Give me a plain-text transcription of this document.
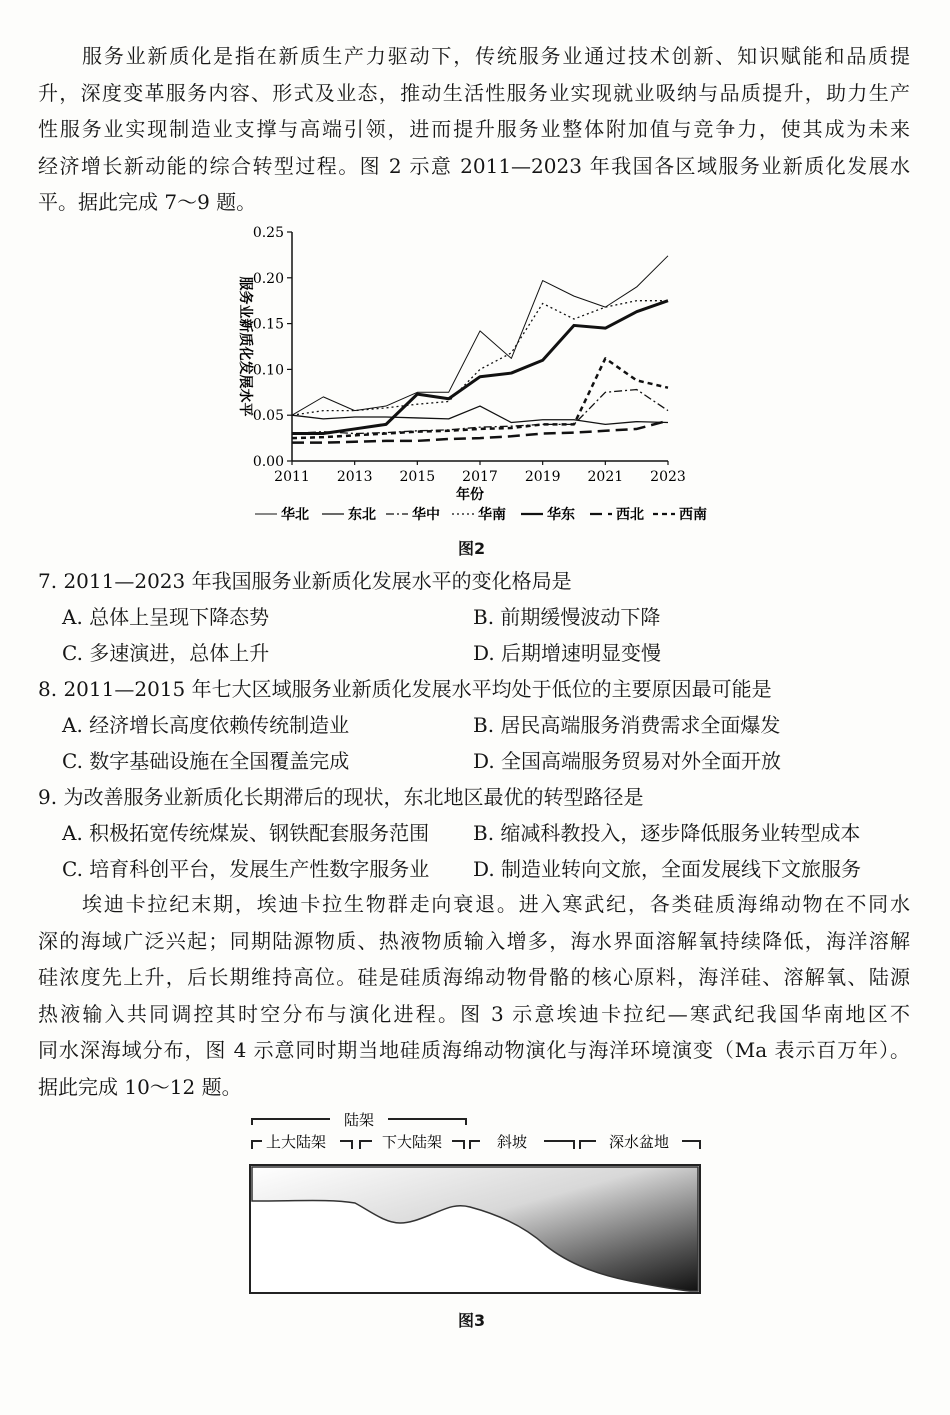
服务业新质化是指在新质生产力驱动下，传统服务业通过技术创新、知识赋能和品质提
升，深度变革服务内容、形式及业态，推动生活性服务业实现就业吸纳与品质提升，助力生产
性服务业实现制造业支撑与高端引领，进而提升服务业整体附加值与竞争力，使其成为未来
经济增长新动能的综合转型过程。图 2 示意 2011—2023 年我国各区域服务业新质化发展水
平。据此完成 7～9 题。
0.00
0.05
0.10
0.15
0.20
0.25
2011 2013 2015 2017 2019 2021 2023
年份
服务业新质化发展水平
华北	东北	华中	华南	华东	西北	西南
图2
7. 2011—2023 年我国服务业新质化发展水平的变化格局是
A. 总体上呈现下降态势	B. 前期缓慢波动下降
C. 多速演进，总体上升	D. 后期增速明显变慢
8. 2011—2015 年七大区域服务业新质化发展水平均处于低位的主要原因最可能是
A. 经济增长高度依赖传统制造业	B. 居民高端服务消费需求全面爆发
C. 数字基础设施在全国覆盖完成	D. 全国高端服务贸易对外全面开放
9. 为改善服务业新质化长期滞后的现状，东北地区最优的转型路径是
A. 积极拓宽传统煤炭、钢铁配套服务范围 B. 缩减科教投入，逐步降低服务业转型成本
C. 培育科创平台，发展生产性数字服务业 D. 制造业转向文旅，全面发展线下文旅服务
埃迪卡拉纪末期，埃迪卡拉生物群走向衰退。进入寒武纪，各类硅质海绵动物在不同水
深的海域广泛兴起；同期陆源物质、热液物质输入增多，海水界面溶解氧持续降低，海洋溶解
硅浓度先上升，后长期维持高位。硅是硅质海绵动物骨骼的核心原料，海洋硅、溶解氧、陆源
热液输入共同调控其时空分布与演化进程。图 3 示意埃迪卡拉纪—寒武纪我国华南地区不
同水深海域分布，图 4 示意同时期当地硅质海绵动物演化与海洋环境演变（Ma 表示百万年）。
据此完成 10～12 题。
陆架
上大陆架	下大陆架	斜坡	深水盆地
图3
